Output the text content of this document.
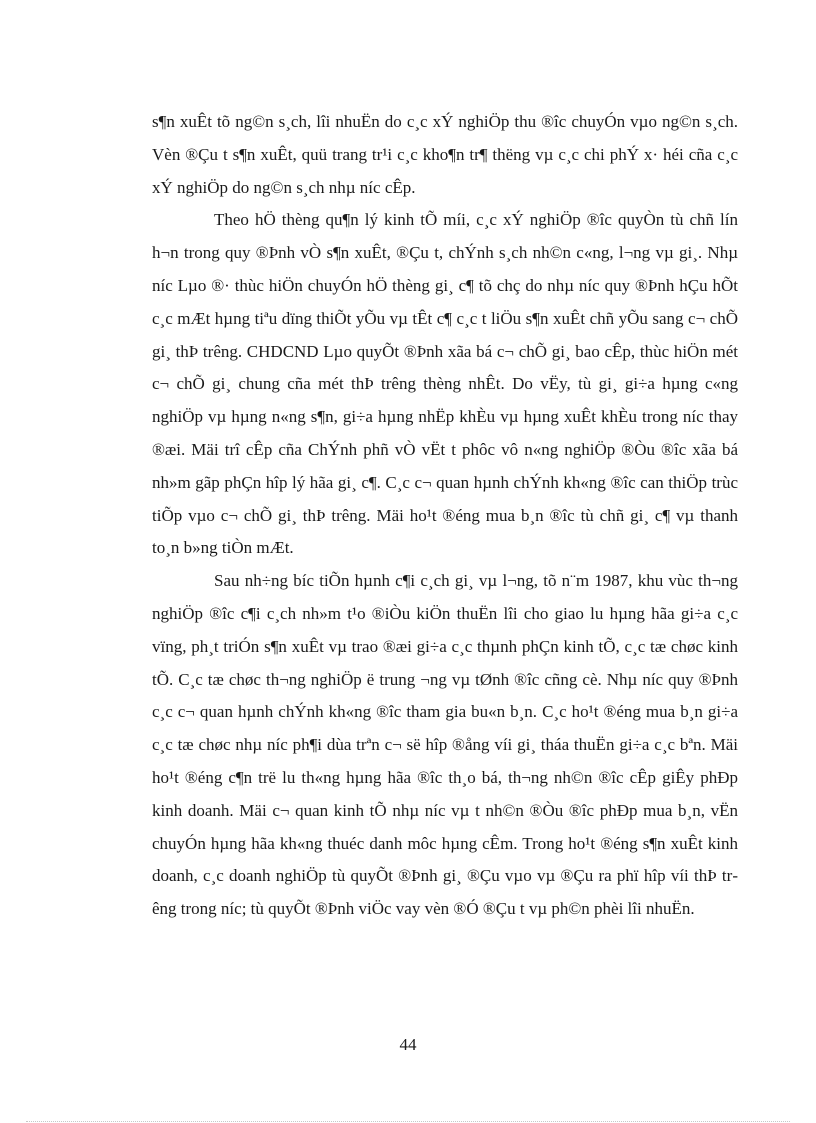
s¶n xuÊt tõ ng©n s¸ch, lîi nhuËn do c¸c xÝ nghiÖp thu ®îc chuyÓn vµo ng©n s¸ch. Vèn ®Çu t s¶n xuÊt, quü trang tr¹i c¸c kho¶n tr¶ thëng vµ c¸c chi phÝ x· héi cña c¸c xÝ nghiÖp do ng©n s¸ch nhµ níc cÊp.

Theo hÖ thèng qu¶n lý kinh tÕ míi, c¸c xÝ nghiÖp ®îc quyÒn tù chñ lín h¬n trong quy ®Þnh vÒ s¶n xuÊt, ®Çu t, chÝnh s¸ch nh©n c«ng, l¬ng vµ gi¸. Nhµ níc Lµo ®· thùc hiÖn chuyÓn hÖ thèng gi¸ c¶ tõ chç do nhµ níc quy ®Þnh hÇu hÕt c¸c mÆt hµng tiªu dïng thiÕt yÕu vµ tÊt c¶ c¸c t liÖu s¶n xuÊt chñ yÕu sang c¬ chÕ gi¸ thÞ trêng. CHDCND Lµo quyÕt ®Þnh xãa bá c¬ chÕ gi¸ bao cÊp, thùc hiÖn mét c¬ chÕ gi¸ chung cña mét thÞ trêng thèng nhÊt. Do vËy, tù gi¸ gi÷a hµng c«ng nghiÖp vµ hµng n«ng s¶n, gi÷a hµng nhËp khÈu vµ hµng xuÊt khÈu trong níc thay ®æi. Mäi trî cÊp cña ChÝnh phñ vÒ vËt t phôc vô n«ng nghiÖp ®Òu ®îc xãa bá nh»m gãp phÇn hîp lý hãa gi¸ c¶. C¸c c¬ quan hµnh chÝnh kh«ng ®îc can thiÖp trùc tiÕp vµo c¬ chÕ gi¸ thÞ trêng. Mäi ho¹t ®éng mua b¸n ®îc tù chñ gi¸ c¶ vµ thanh to¸n b»ng tiÒn mÆt.

Sau nh÷ng bíc tiÕn hµnh c¶i c¸ch gi¸ vµ l¬ng, tõ n¨m 1987, khu vùc th¬ng nghiÖp ®îc c¶i c¸ch nh»m t¹o ®iÒu kiÖn thuËn lîi cho giao lu hµng hãa gi÷a c¸c vïng, ph¸t triÓn s¶n xuÊt vµ trao ®æi gi÷a c¸c thµnh phÇn kinh tÕ, c¸c tæ chøc kinh tÕ. C¸c tæ chøc th¬ng nghiÖp ë trung ¬ng vµ tØnh ®îc cñng cè. Nhµ níc quy ®Þnh c¸c c¬ quan hµnh chÝnh kh«ng ®îc tham gia bu«n b¸n. C¸c ho¹t ®éng mua b¸n gi÷a c¸c tæ chøc nhµ níc ph¶i dùa trªn c¬ së hîp ®ång víi gi¸ tháa thuËn gi÷a c¸c bªn. Mäi ho¹t ®éng c¶n trë lu th«ng hµng hãa ®îc th¸o bá, th¬ng nh©n ®îc cÊp giÊy phÐp kinh doanh. Mäi c¬ quan kinh tÕ nhµ níc vµ t nh©n ®Òu ®îc phÐp mua b¸n, vËn chuyÓn hµng hãa kh«ng thuéc danh môc hµng cÊm. Trong ho¹t ®éng s¶n xuÊt kinh doanh, c¸c doanh nghiÖp tù quyÕt ®Þnh gi¸ ®Çu vµo vµ ®Çu ra phï hîp víi thÞ trêng trong níc; tù quyÕt ®Þnh viÖc vay vèn ®Ó ®Çu t vµ ph©n phèi lîi nhuËn.

44
